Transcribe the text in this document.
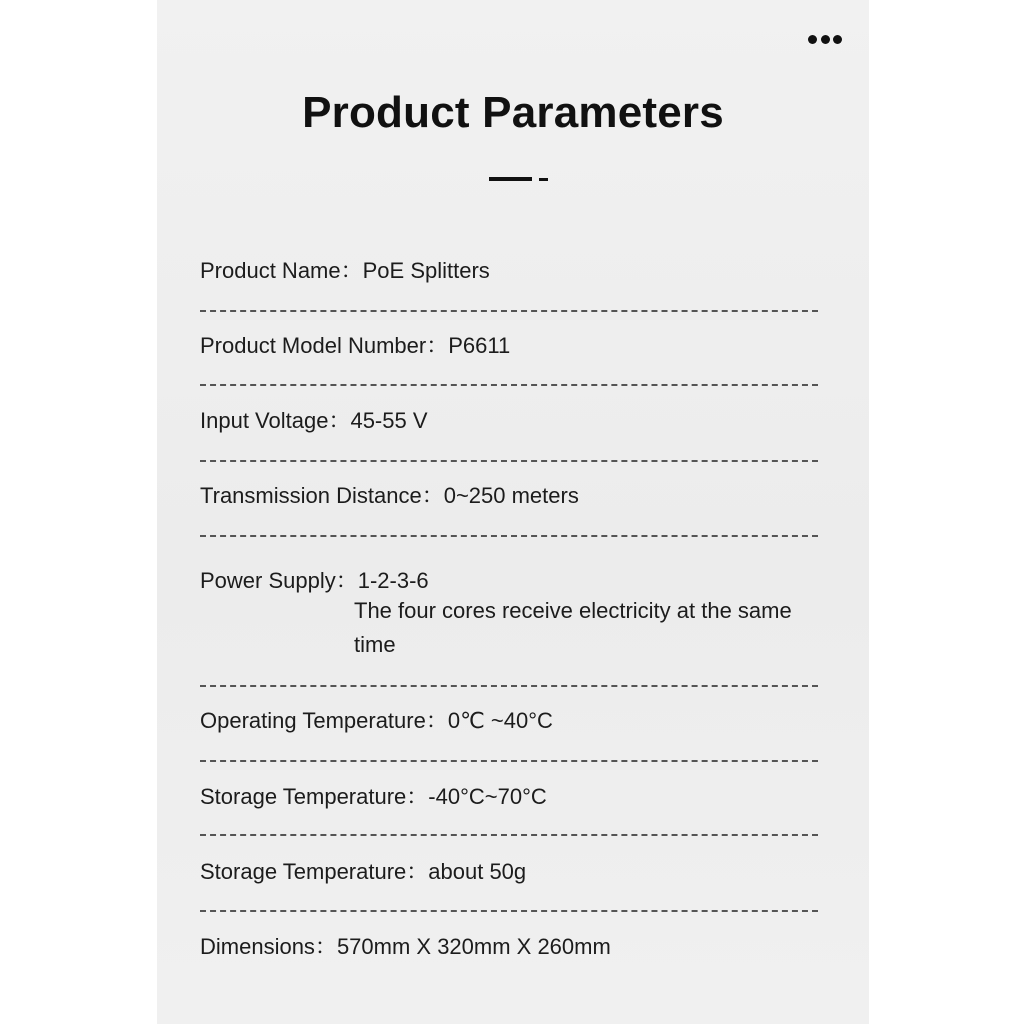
Product Parameters
Product Name：PoE Splitters
Product Model Number：P6611
Input Voltage：45-55 V
Transmission Distance：0~250 meters
Power Supply：1-2-3-6
The four cores receive electricity at the same time
Operating Temperature：0℃ ~40°C
Storage Temperature：-40°C~70°C
Storage Temperature：about 50g
Dimensions：570mm X 320mm X 260mm
